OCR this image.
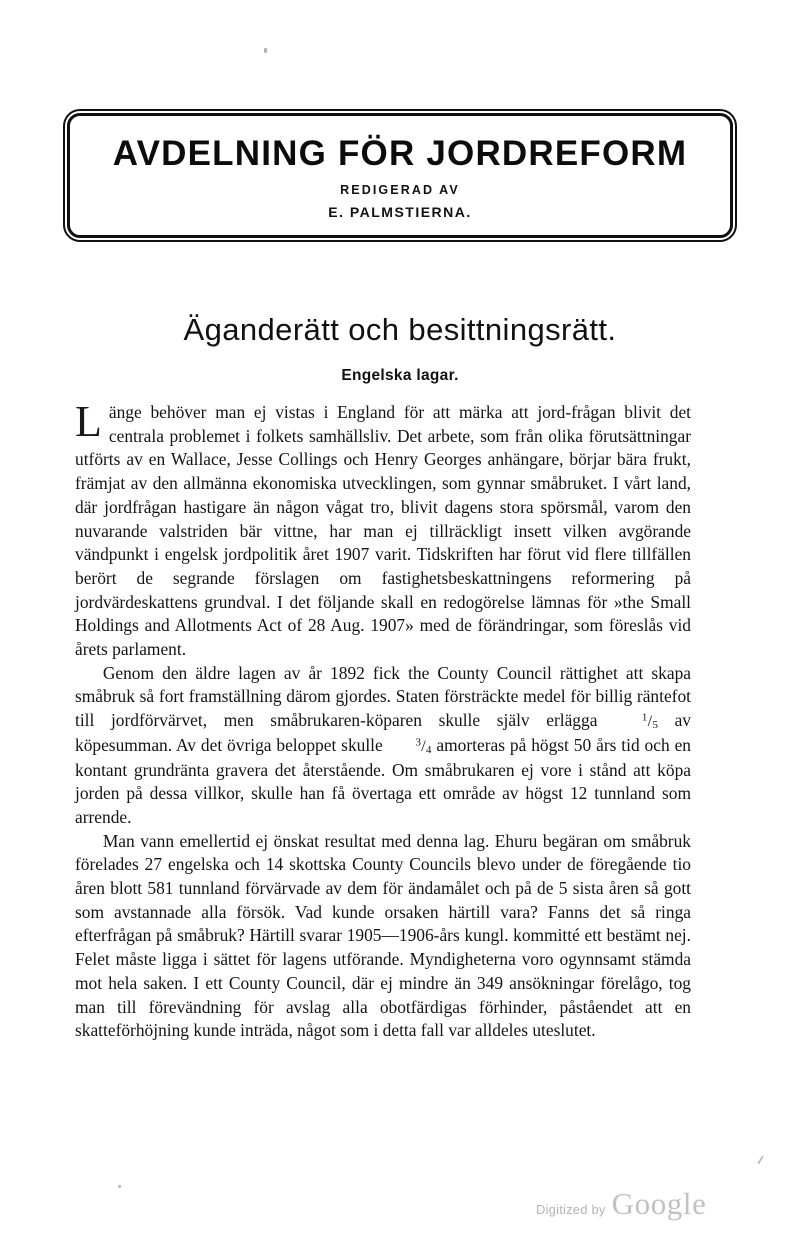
AVDELNING FÖR JORDREFORM
REDIGERAD AV
E. PALMSTIERNA.
Äganderätt och besittningsrätt.
Engelska lagar.

Länge behöver man ej vistas i England för att märka att jord-frågan blivit det centrala problemet i folkets samhällsliv. Det arbete, som från olika förutsättningar utförts av en Wallace, Jesse Collings och Henry Georges anhängare, börjar bära frukt, främjat av den allmänna ekonomiska utvecklingen, som gynnar småbruket. I vårt land, där jordfrågan hastigare än någon vågat tro, blivit dagens stora spörsmål, varom den nuvarande valstriden bär vittne, har man ej tillräckligt insett vilken avgörande vändpunkt i engelsk jordpolitik året 1907 varit. Tidskriften har förut vid flere tillfällen berört de segrande förslagen om fastighetsbeskattningens reformering på jordvärdeskattens grundval. I det följande skall en redogörelse lämnas för »the Small Holdings and Allotments Act of 28 Aug. 1907» med de förändringar, som föreslås vid årets parlament.

Genom den äldre lagen av år 1892 fick the County Council rättighet att skapa småbruk så fort framställning därom gjordes. Staten försträckte medel för billig räntefot till jordförvärvet, men småbrukaren-köparen skulle själv erlägga	$^1/_5$ av köpesumman. Av det övriga beloppet skulle	$^3/_4$ amorteras på högst 50 års tid och en kontant grundränta gravera det återstående. Om småbrukaren ej vore i stånd att köpa jorden på dessa villkor, skulle han få övertaga ett område av högst 12 tunnland som arrende.

Man vann emellertid ej önskat resultat med denna lag. Ehuru begäran om småbruk förelades 27 engelska och 14 skottska County Councils blevo under de föregående tio åren blott 581 tunnland förvärvade av dem för ändamålet och på de 5 sista åren så gott som avstannade alla försök. Vad kunde orsaken härtill vara? Fanns det så ringa efterfrågan på småbruk? Härtill svarar 1905—1906-års kungl. kommitté ett bestämt nej. Felet måste ligga i sättet för lagens utförande. Myndigheterna voro ogynnsamt stämda mot hela saken. I ett County Council, där ej mindre än 349 ansökningar förelågo, tog man till förevändning för avslag alla obotfärdigas förhinder, påståendet att en skatteförhöjning kunde inträda, något som i detta fall var alldeles uteslutet.

Digitized by Google
